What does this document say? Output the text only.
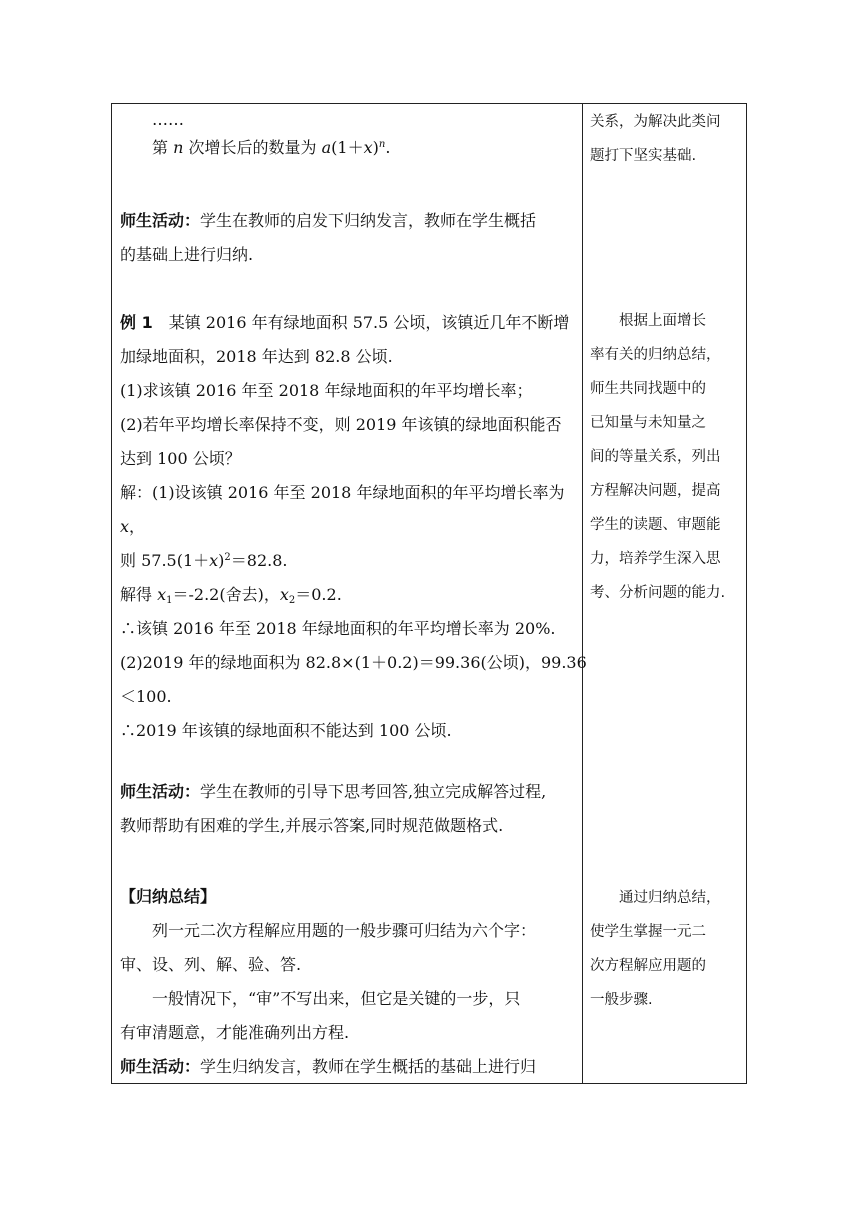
……
第 n 次增长后的数量为 $a(1+x)^n$.
师生活动：学生在教师的启发下归纳发言，教师在学生概括
的基础上进行归纳.
例 1　某镇 2016 年有绿地面积 57.5 公顷，该镇近几年不断增
加绿地面积，2018 年达到 82.8 公顷.
(1)求该镇 2016 年至 2018 年绿地面积的年平均增长率；
(2)若年平均增长率保持不变，则 2019 年该镇的绿地面积能否
达到 100 公顷？
解：(1)设该镇 2016 年至 2018 年绿地面积的年平均增长率为
x，
则 $57.5(1+x)^2=82.8$.
解得 $x_1=-2.2$(舍去)，$x_2=0.2$.
∴该镇 2016 年至 2018 年绿地面积的年平均增长率为 20%.
(2)2019 年的绿地面积为 82.8×(1＋0.2)＝99.36(公顷)，99.36
＜100.
∴2019 年该镇的绿地面积不能达到 100 公顷.
师生活动：学生在教师的引导下思考回答,独立完成解答过程,
教师帮助有困难的学生,并展示答案,同时规范做题格式.
【归纳总结】
列一元二次方程解应用题的一般步骤可归结为六个字：
审、设、列、解、验、答.
一般情况下，“审”不写出来，但它是关键的一步，只
有审清题意，才能准确列出方程.
师生活动：学生归纳发言，教师在学生概括的基础上进行归
关系，为解决此类问
题打下坚实基础.
　　根据上面增长
率有关的归纳总结，
师生共同找题中的
已知量与未知量之
间的等量关系，列出
方程解决问题，提高
学生的读题、审题能
力，培养学生深入思
考、分析问题的能力.
　　通过归纳总结，
使学生掌握一元二
次方程解应用题的
一般步骤.
